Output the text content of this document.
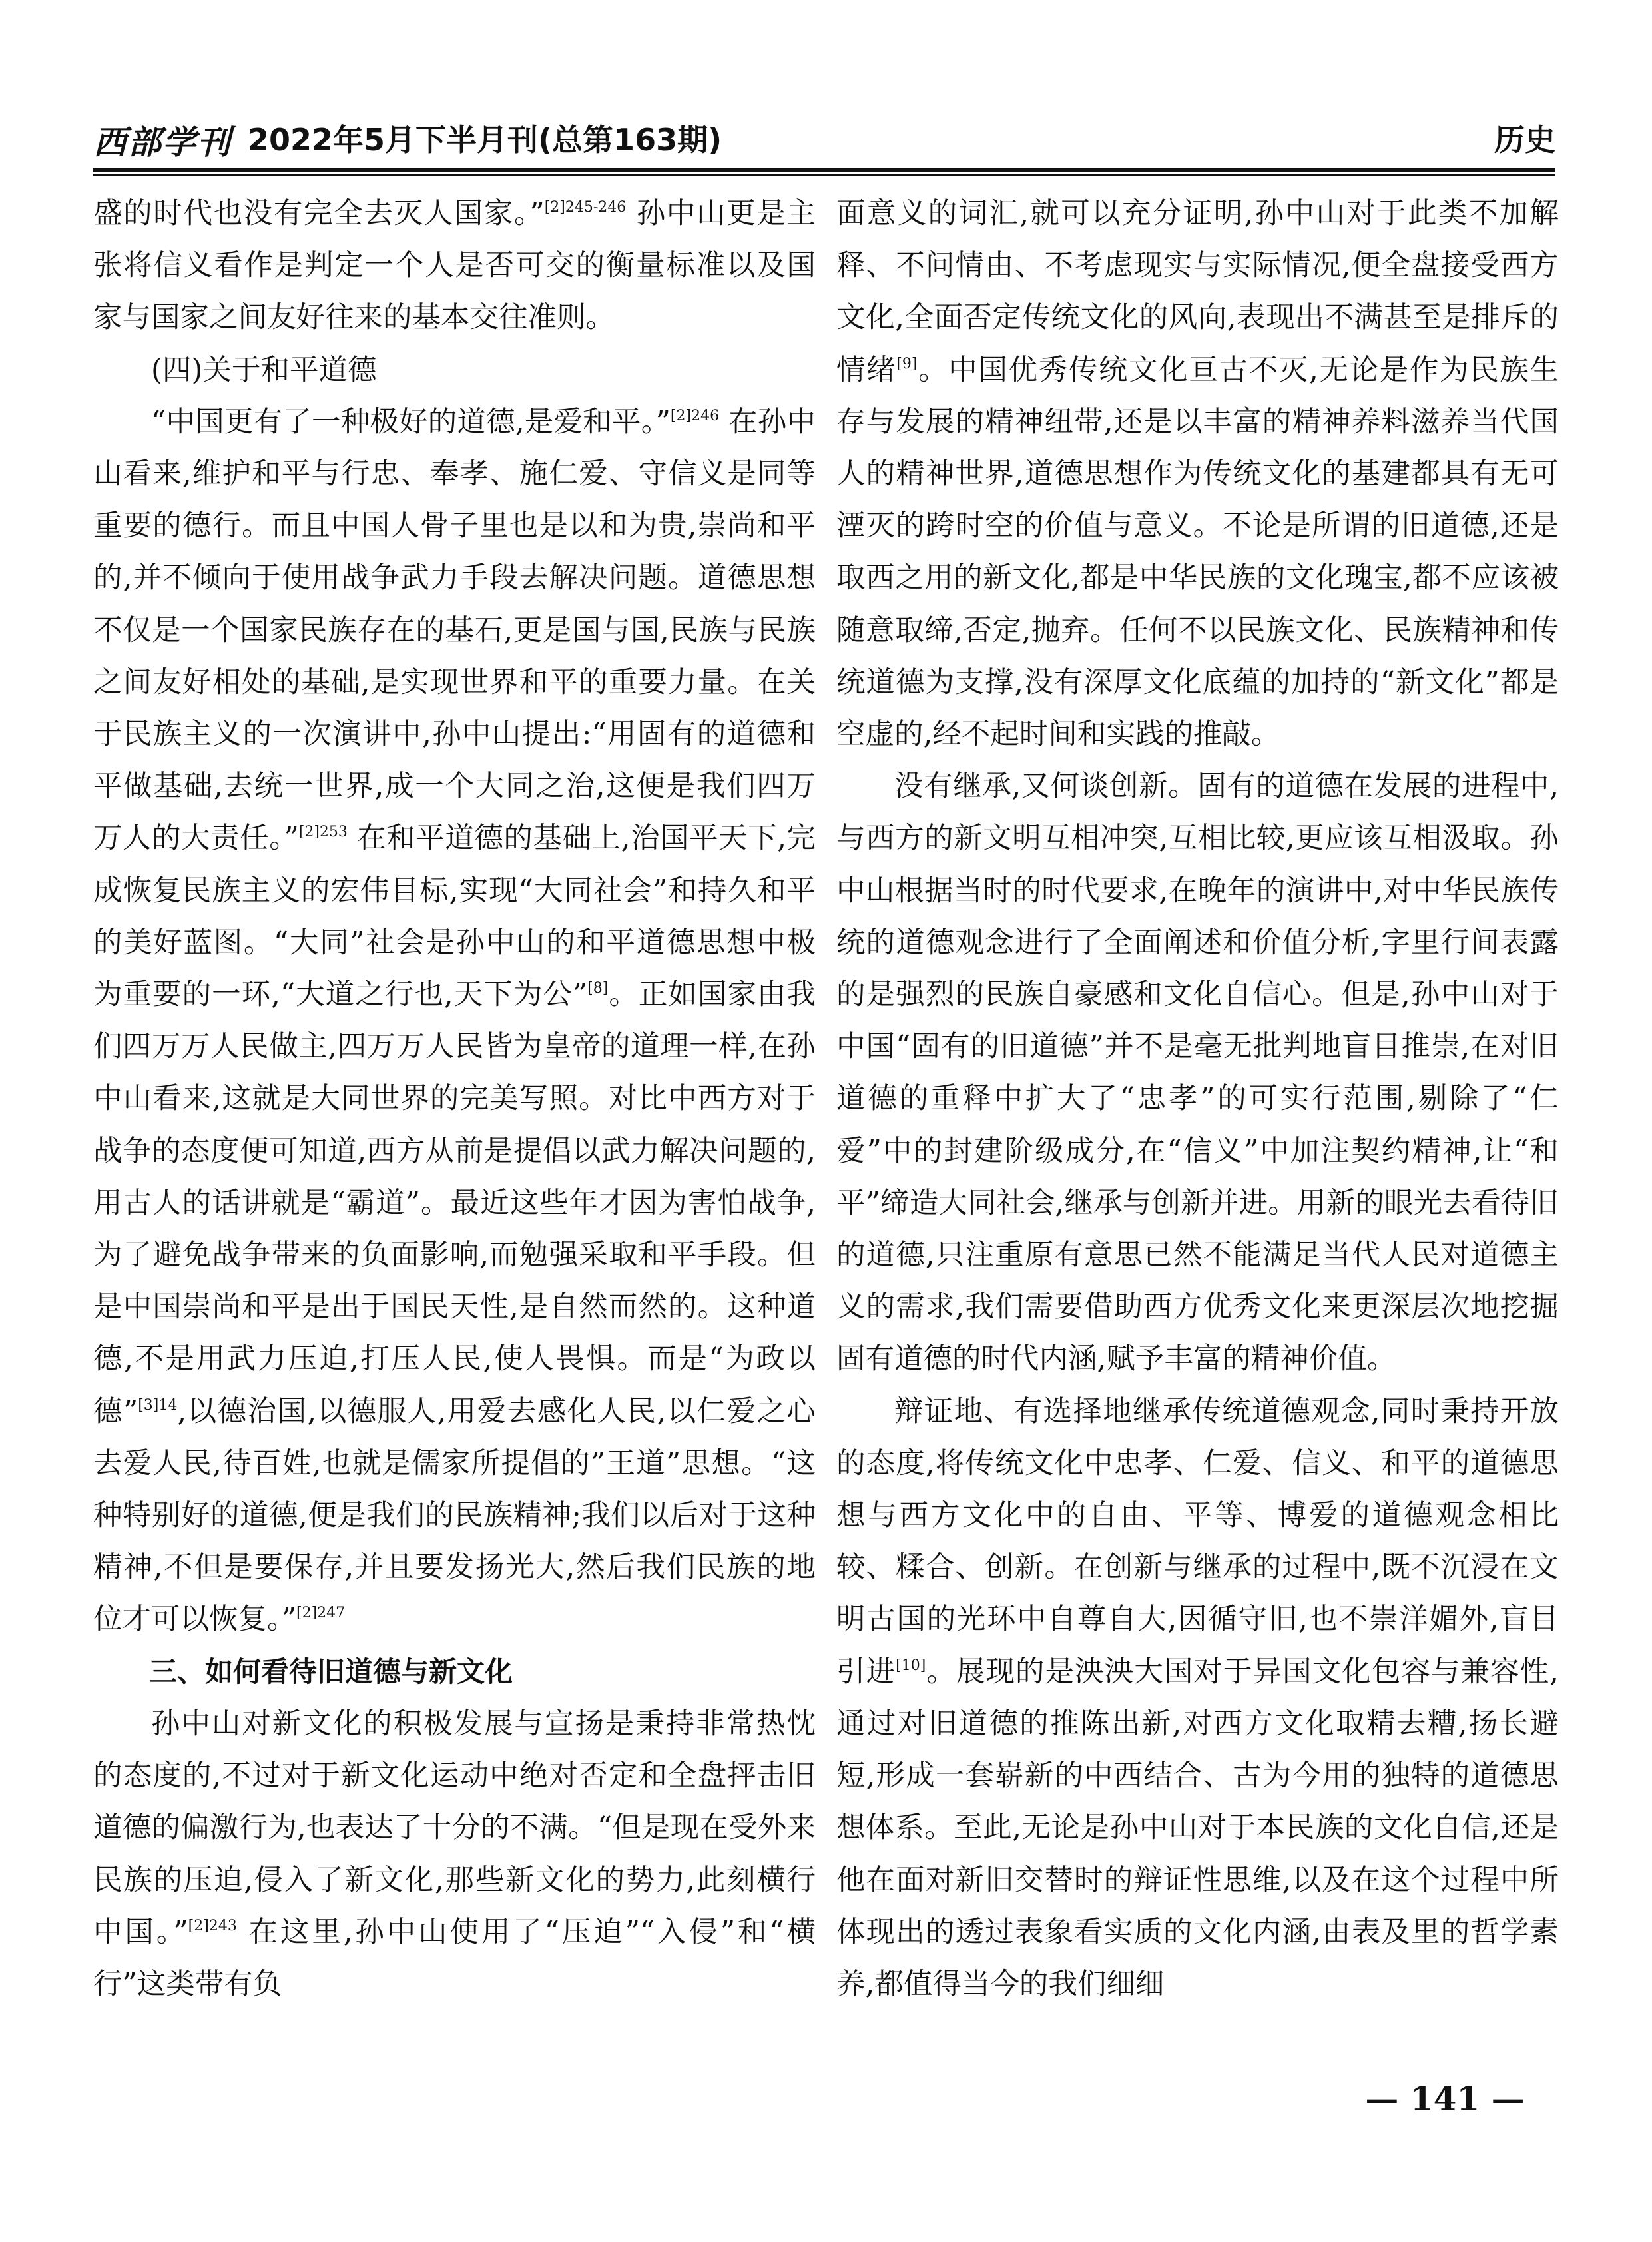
西部学刊 2022年5月下半月刊(总第163期)	历史

盛的时代也没有完全去灭人国家。”$^{[2]245-246}$ 孙中山更是主张将信义看作是判定一个人是否可交的衡量标准以及国家与国家之间友好往来的基本交往准则。

(四)关于和平道德

“中国更有了一种极好的道德,是爱和平。”$^{[2]246}$ 在孙中山看来,维护和平与行忠、奉孝、施仁爱、守信义是同等重要的德行。而且中国人骨子里也是以和为贵,崇尚和平的,并不倾向于使用战争武力手段去解决问题。道德思想不仅是一个国家民族存在的基石,更是国与国,民族与民族之间友好相处的基础,是实现世界和平的重要力量。在关于民族主义的一次演讲中,孙中山提出:“用固有的道德和平做基础,去统一世界,成一个大同之治,这便是我们四万万人的大责任。”$^{[2]253}$ 在和平道德的基础上,治国平天下,完成恢复民族主义的宏伟目标,实现“大同社会”和持久和平的美好蓝图。“大同”社会是孙中山的和平道德思想中极为重要的一环,“大道之行也,天下为公”[8]。正如国家由我们四万万人民做主,四万万人民皆为皇帝的道理一样,在孙中山看来,这就是大同世界的完美写照。对比中西方对于战争的态度便可知道,西方从前是提倡以武力解决问题的,用古人的话讲就是“霸道”。最近这些年才因为害怕战争,为了避免战争带来的负面影响,而勉强采取和平手段。但是中国崇尚和平是出于国民天性,是自然而然的。这种道德,不是用武力压迫,打压人民,使人畏惧。而是“为政以德”$^{[3]14}$,以德治国,以德服人,用爱去感化人民,以仁爱之心去爱人民,待百姓,也就是儒家所提倡的”王道”思想。“这种特别好的道德,便是我们的民族精神;我们以后对于这种精神,不但是要保存,并且要发扬光大,然后我们民族的地位才可以恢复。”$^{[2]247}$

三、如何看待旧道德与新文化

孙中山对新文化的积极发展与宣扬是秉持非常热忱的态度的,不过对于新文化运动中绝对否定和全盘抨击旧道德的偏激行为,也表达了十分的不满。“但是现在受外来民族的压迫,侵入了新文化,那些新文化的势力,此刻横行中国。”$^{[2]243}$ 在这里,孙中山使用了“压迫”“入侵”和“横行”这类带有负

面意义的词汇,就可以充分证明,孙中山对于此类不加解释、不问情由、不考虑现实与实际情况,便全盘接受西方文化,全面否定传统文化的风向,表现出不满甚至是排斥的情绪[9]。中国优秀传统文化亘古不灭,无论是作为民族生存与发展的精神纽带,还是以丰富的精神养料滋养当代国人的精神世界,道德思想作为传统文化的基建都具有无可湮灭的跨时空的价值与意义。不论是所谓的旧道德,还是取西之用的新文化,都是中华民族的文化瑰宝,都不应该被随意取缔,否定,抛弃。任何不以民族文化、民族精神和传统道德为支撑,没有深厚文化底蕴的加持的“新文化”都是空虚的,经不起时间和实践的推敲。

没有继承,又何谈创新。固有的道德在发展的进程中,与西方的新文明互相冲突,互相比较,更应该互相汲取。孙中山根据当时的时代要求,在晚年的演讲中,对中华民族传统的道德观念进行了全面阐述和价值分析,字里行间表露的是强烈的民族自豪感和文化自信心。但是,孙中山对于中国“固有的旧道德”并不是毫无批判地盲目推崇,在对旧道德的重释中扩大了“忠孝”的可实行范围,剔除了“仁爱”中的封建阶级成分,在“信义”中加注契约精神,让“和平”缔造大同社会,继承与创新并进。用新的眼光去看待旧的道德,只注重原有意思已然不能满足当代人民对道德主义的需求,我们需要借助西方优秀文化来更深层次地挖掘固有道德的时代内涵,赋予丰富的精神价值。

辩证地、有选择地继承传统道德观念,同时秉持开放的态度,将传统文化中忠孝、仁爱、信义、和平的道德思想与西方文化中的自由、平等、博爱的道德观念相比较、糅合、创新。在创新与继承的过程中,既不沉浸在文明古国的光环中自尊自大,因循守旧,也不崇洋媚外,盲目引进[10]。展现的是泱泱大国对于异国文化包容与兼容性,通过对旧道德的推陈出新,对西方文化取精去糟,扬长避短,形成一套崭新的中西结合、古为今用的独特的道德思想体系。至此,无论是孙中山对于本民族的文化自信,还是他在面对新旧交替时的辩证性思维,以及在这个过程中所体现出的透过表象看实质的文化内涵,由表及里的哲学素养,都值得当今的我们细细

— 141 —
